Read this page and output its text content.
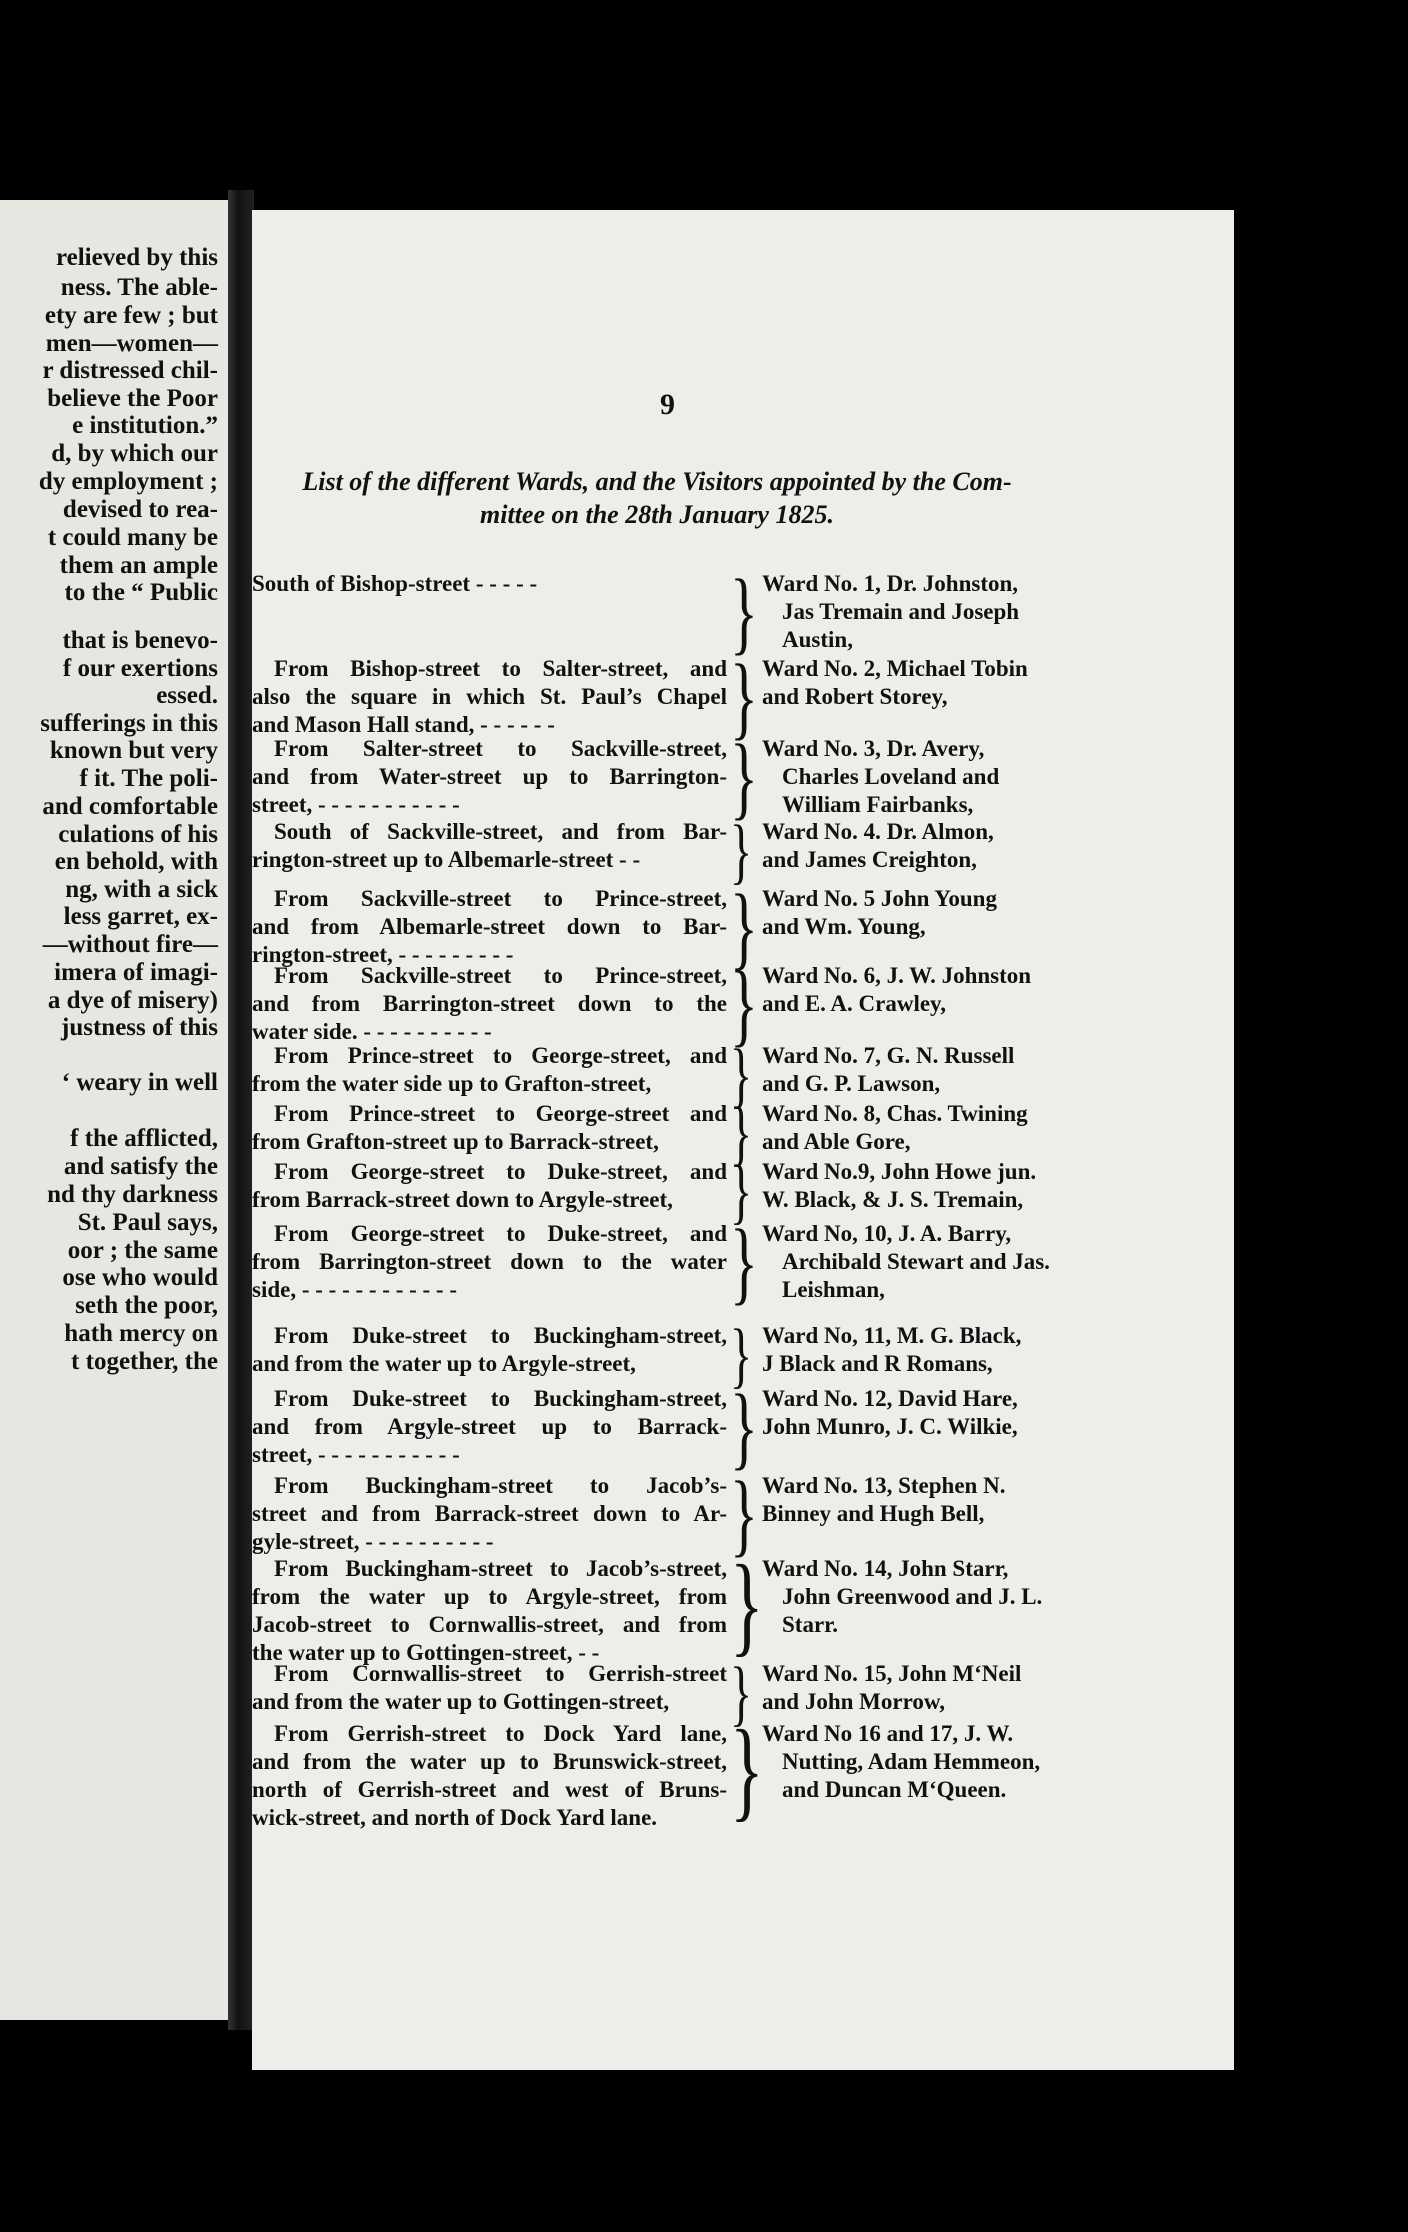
relieved by this
ness. The able-
ety are few ; but
men—women—
r distressed chil-
believe the Poor
e institution.”
d, by which our
dy employment ;
devised to rea-
t could many be
them an ample
to the “ Public
that is benevo-
f our exertions
essed.
sufferings in this
known but very
f it. The poli-
and comfortable
culations of his
en behold, with
ng, with a sick
less garret, ex-
—without fire—
imera of imagi-
a dye of misery)
justness of this
‘ weary in well
f the afflicted,
and satisfy the
nd thy darkness
St. Paul says,
oor ; the same
ose who would
seth the poor,
hath mercy on
t together, the
9
List of the different Wards, and the Visitors appointed by the Com-
mittee on the 28th January 1825.
South of Bishop-street - - - - -	} Ward No. 1, Dr. Johnston,
Jas Tremain and Joseph
Austin,
From Bishop-street to Salter-street, and
also the square in which St. Paul’s Chapel
and Mason Hall stand, - - - - - -	} Ward No. 2, Michael Tobin
and Robert Storey,
From Salter-street to Sackville-street,
and from Water-street up to Barrington-
street, - - - - - - - - - - -	} Ward No. 3, Dr. Avery,
Charles Loveland and
William Fairbanks,
South of Sackville-street, and from Bar-
rington-street up to Albemarle-street - -	} Ward No. 4. Dr. Almon,
and James Creighton,
From Sackville-street to Prince-street,
and from Albemarle-street down to Bar-
rington-street, - - - - - - - - -	} Ward No. 5 John Young
and Wm. Young,
From Sackville-street to Prince-street,
and from Barrington-street down to the
water side. - - - - - - - - - -	} Ward No. 6, J. W. Johnston
and E. A. Crawley,
From Prince-street to George-street, and
from the water side up to Grafton-street,	} Ward No. 7, G. N. Russell
and G. P. Lawson,
From Prince-street to George-street and
from Grafton-street up to Barrack-street,	} Ward No. 8, Chas. Twining
and Able Gore,
From George-street to Duke-street, and
from Barrack-street down to Argyle-street,	} Ward No.9, John Howe jun.
W. Black, & J. S. Tremain,
From George-street to Duke-street, and
from Barrington-street down to the water
side, - - - - - - - - - - - -	} Ward No, 10, J. A. Barry,
Archibald Stewart and Jas.
Leishman,
From Duke-street to Buckingham-street,
and from the water up to Argyle-street,	} Ward No, 11, M. G. Black,
J Black and R Romans,
From Duke-street to Buckingham-street,
and from Argyle-street up to Barrack-
street, - - - - - - - - - - -	} Ward No. 12, David Hare,
John Munro, J. C. Wilkie,
From Buckingham-street to Jacob’s-
street and from Barrack-street down to Ar-
gyle-street, - - - - - - - - - -	} Ward No. 13, Stephen N.
Binney and Hugh Bell,
From Buckingham-street to Jacob’s-street,
from the water up to Argyle-street, from
Jacob-street to Cornwallis-street, and from
the water up to Gottingen-street, - -	}
Ward No. 14, John Starr,
John Greenwood and J. L.
Starr.
From Cornwallis-street to Gerrish-street
and from the water up to Gottingen-street,	} Ward No. 15, John M‘Neil
and John Morrow,
From Gerrish-street to Dock Yard lane,
and from the water up to Brunswick-street,
north of Gerrish-street and west of Bruns-
wick-street, and north of Dock Yard lane.	}
Ward No 16 and 17, J. W.
Nutting, Adam Hemmeon,
and Duncan M‘Queen.
